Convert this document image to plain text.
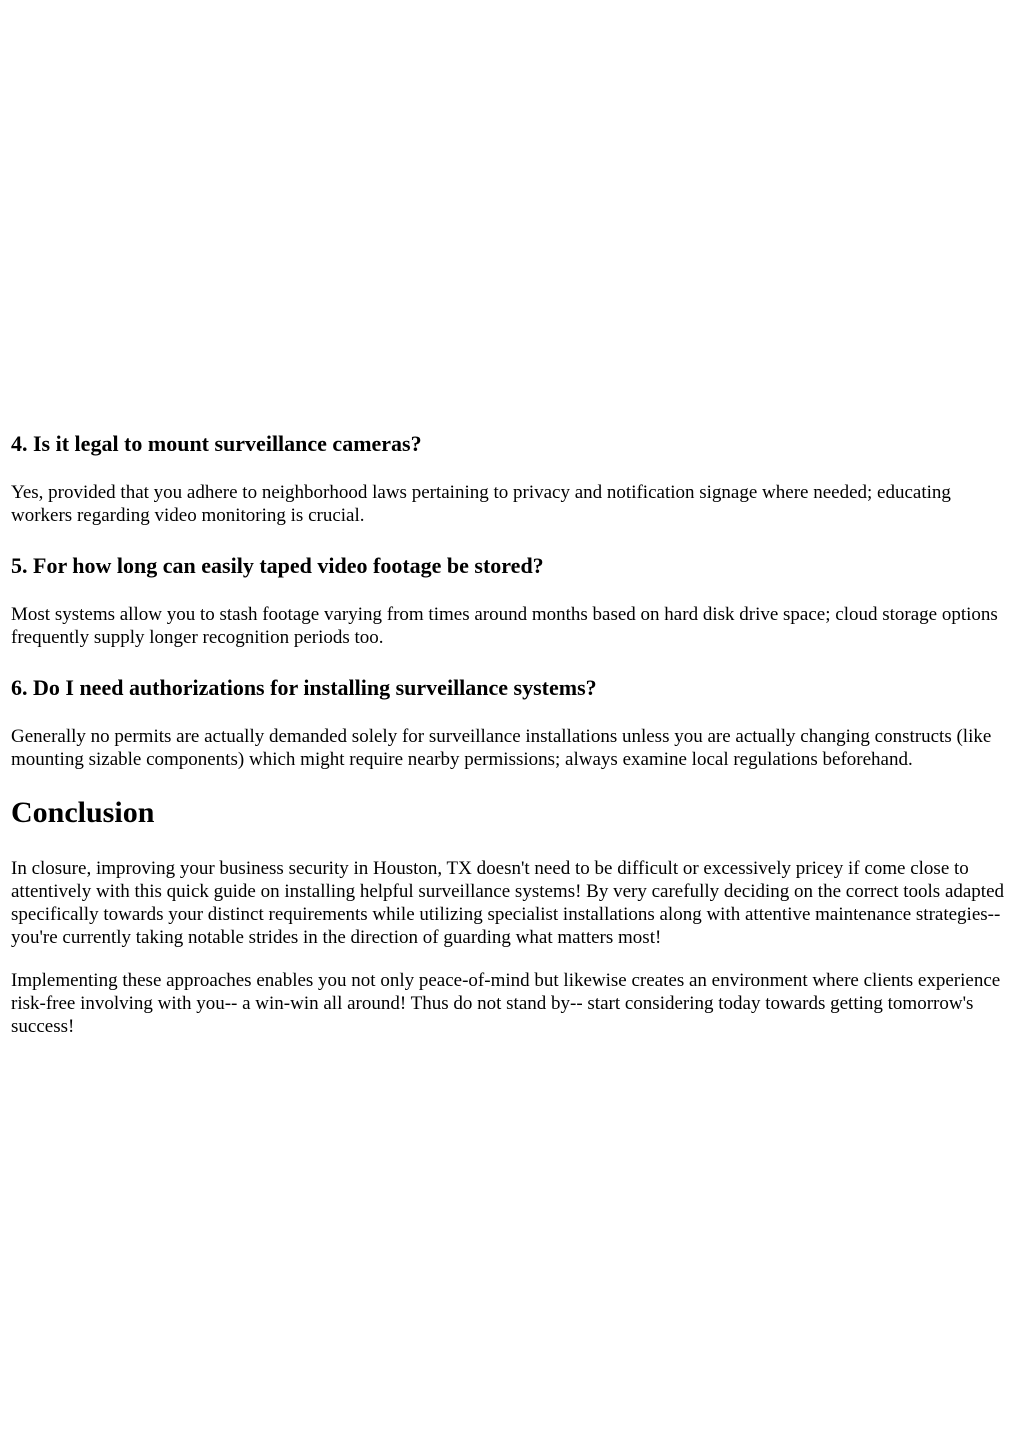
4. Is it legal to mount surveillance cameras?

Yes, provided that you adhere to neighborhood laws pertaining to privacy and notification signage where needed; educating workers regarding video monitoring is crucial.

5. For how long can easily taped video footage be stored?

Most systems allow you to stash footage varying from times around months based on hard disk drive space; cloud storage options frequently supply longer recognition periods too.

6. Do I need authorizations for installing surveillance systems?

Generally no permits are actually demanded solely for surveillance installations unless you are actually changing constructs (like mounting sizable components) which might require nearby permissions; always examine local regulations beforehand.

Conclusion

In closure, improving your business security in Houston, TX doesn't need to be difficult or excessively pricey if come close to attentively with this quick guide on installing helpful surveillance systems! By very carefully deciding on the correct tools adapted specifically towards your distinct requirements while utilizing specialist installations along with attentive maintenance strategies-- you're currently taking notable strides in the direction of guarding what matters most!

Implementing these approaches enables you not only peace-of-mind but likewise creates an environment where clients experience risk-free involving with you-- a win-win all around! Thus do not stand by-- start considering today towards getting tomorrow's success!
